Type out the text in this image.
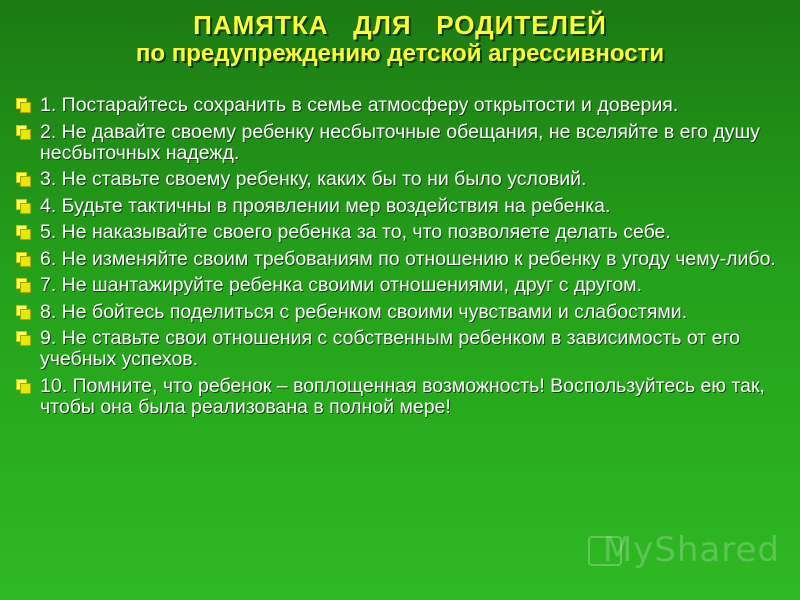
ПАМЯТКА   ДЛЯ   РОДИТЕЛЕЙ
по предупреждению детской агрессивности
1. Постарайтесь сохранить в семье атмосферу открытости и доверия.
2. Не давайте своему ребенку несбыточные обещания, не вселяйте в его душу несбыточных надежд.
3. Не ставьте своему ребенку, каких бы то ни было условий.
4. Будьте тактичны в проявлении мер воздействия на ребенка.
5. Не наказывайте своего ребенка за то, что позволяете делать себе.
6. Не изменяйте своим требованиям по отношению к ребенку в угоду чему-либо.
7. Не шантажируйте ребенка своими отношениями, друг с другом.
8. Не бойтесь поделиться с ребенком своими чувствами и слабостями.
9. Не ставьте свои отношения с собственным ребенком в зависимость от его учебных успехов.
10. Помните, что ребенок – воплощенная возможность! Воспользуйтесь ею так, чтобы она была реализована в полной мере!
MyShared
